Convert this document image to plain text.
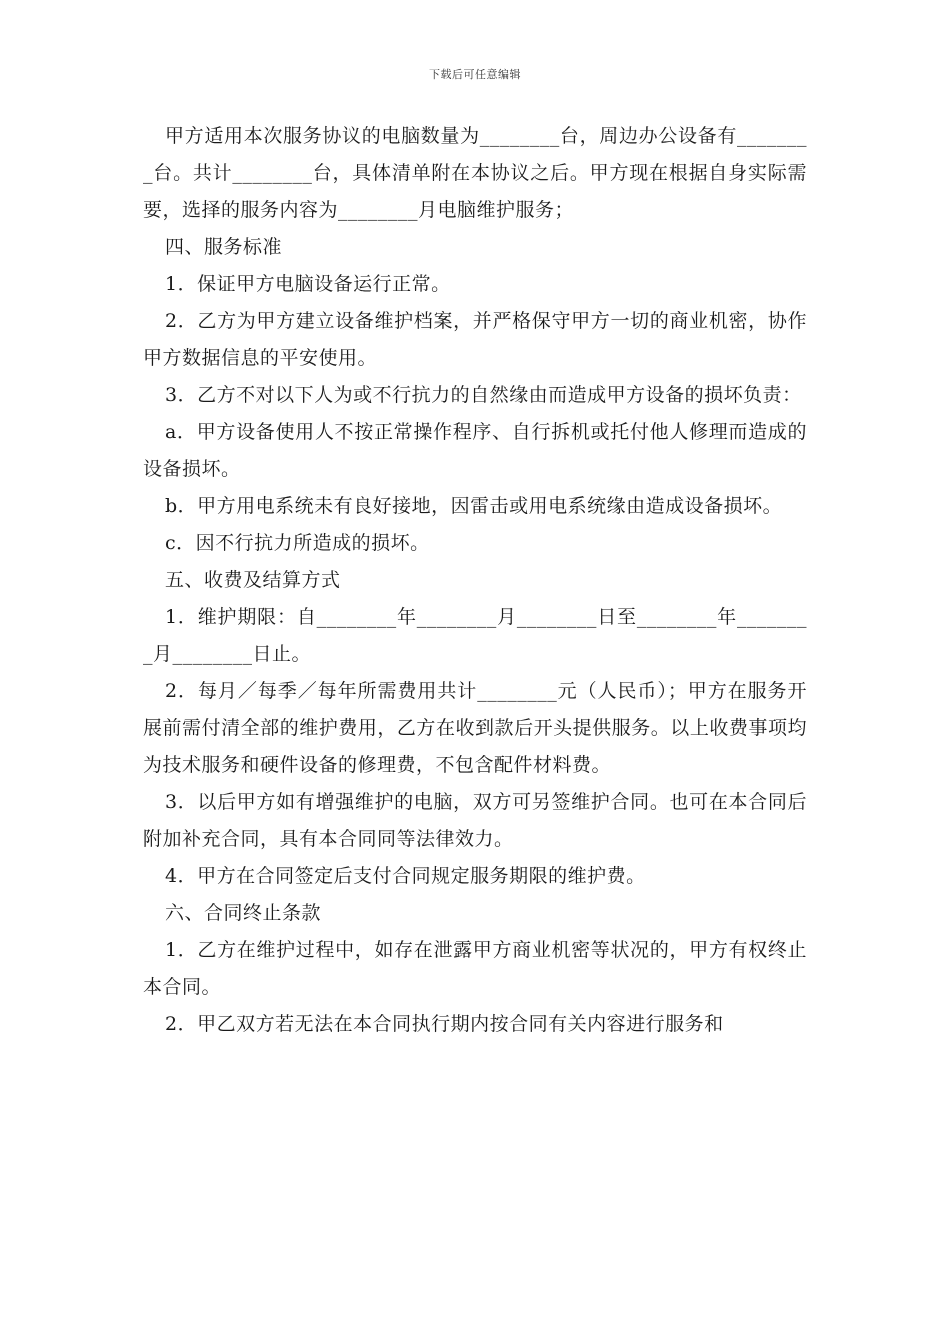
下载后可任意编辑

甲方适用本次服务协议的电脑数量为________台，周边办公设备有________台。共计________台，具体清单附在本协议之后。甲方现在根据自身实际需要，选择的服务内容为________月电脑维护服务；

四、服务标准

1．保证甲方电脑设备运行正常。

2．乙方为甲方建立设备维护档案，并严格保守甲方一切的商业机密，协作甲方数据信息的平安使用。

3．乙方不对以下人为或不行抗力的自然缘由而造成甲方设备的损坏负责：

a．甲方设备使用人不按正常操作程序、自行拆机或托付他人修理而造成的设备损坏。

b．甲方用电系统未有良好接地，因雷击或用电系统缘由造成设备损坏。

c．因不行抗力所造成的损坏。

五、收费及结算方式

1．维护期限：自________年________月________日至________年________月________日止。

2．每月／每季／每年所需费用共计________元（人民币）；甲方在服务开展前需付清全部的维护费用，乙方在收到款后开头提供服务。以上收费事项均为技术服务和硬件设备的修理费，不包含配件材料费。

3．以后甲方如有增强维护的电脑，双方可另签维护合同。也可在本合同后附加补充合同，具有本合同同等法律效力。

4．甲方在合同签定后支付合同规定服务期限的维护费。

六、合同终止条款

1．乙方在维护过程中，如存在泄露甲方商业机密等状况的，甲方有权终止本合同。

2．甲乙双方若无法在本合同执行期内按合同有关内容进行服务和
